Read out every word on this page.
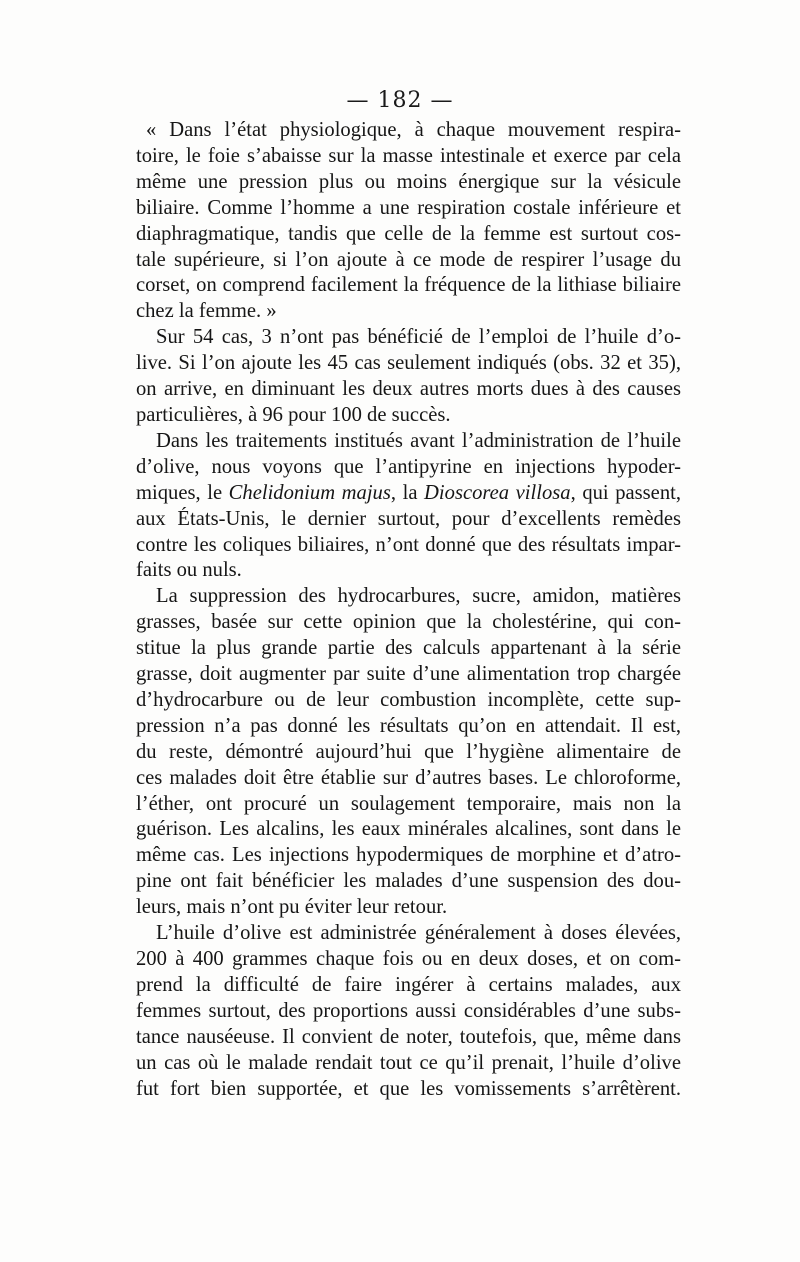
— 182 —

« Dans l’état physiologique, à chaque mouvement respira-
toire, le foie s’abaisse sur la masse intestinale et exerce par cela
même une pression plus ou moins énergique sur la vésicule
biliaire. Comme l’homme a une respiration costale inférieure et
diaphragmatique, tandis que celle de la femme est surtout cos-
tale supérieure, si l’on ajoute à ce mode de respirer l’usage du
corset, on comprend facilement la fréquence de la lithiase biliaire
chez la femme. »

Sur 54 cas, 3 n’ont pas bénéficié de l’emploi de l’huile d’o-
live. Si l’on ajoute les 45 cas seulement indiqués (obs. 32 et 35),
on arrive, en diminuant les deux autres morts dues à des causes
particulières, à 96 pour 100 de succès.

Dans les traitements institués avant l’administration de l’huile
d’olive, nous voyons que l’antipyrine en injections hypoder-
miques, le Chelidonium majus, la Dioscorea villosa, qui passent,
aux États-Unis, le dernier surtout, pour d’excellents remèdes
contre les coliques biliaires, n’ont donné que des résultats impar-
faits ou nuls.

La suppression des hydrocarbures, sucre, amidon, matières
grasses, basée sur cette opinion que la cholestérine, qui con-
stitue la plus grande partie des calculs appartenant à la série
grasse, doit augmenter par suite d’une alimentation trop chargée
d’hydrocarbure ou de leur combustion incomplète, cette sup-
pression n’a pas donné les résultats qu’on en attendait. Il est,
du reste, démontré aujourd’hui que l’hygiène alimentaire de
ces malades doit être établie sur d’autres bases. Le chloroforme,
l’éther, ont procuré un soulagement temporaire, mais non la
guérison. Les alcalins, les eaux minérales alcalines, sont dans le
même cas. Les injections hypodermiques de morphine et d’atro-
pine ont fait bénéficier les malades d’une suspension des dou-
leurs, mais n’ont pu éviter leur retour.

L’huile d’olive est administrée généralement à doses élevées,
200 à 400 grammes chaque fois ou en deux doses, et on com-
prend la difficulté de faire ingérer à certains malades, aux
femmes surtout, des proportions aussi considérables d’une subs-
tance nauséeuse. Il convient de noter, toutefois, que, même dans
un cas où le malade rendait tout ce qu’il prenait, l’huile d’olive
fut fort bien supportée, et que les vomissements s’arrêtèrent.
